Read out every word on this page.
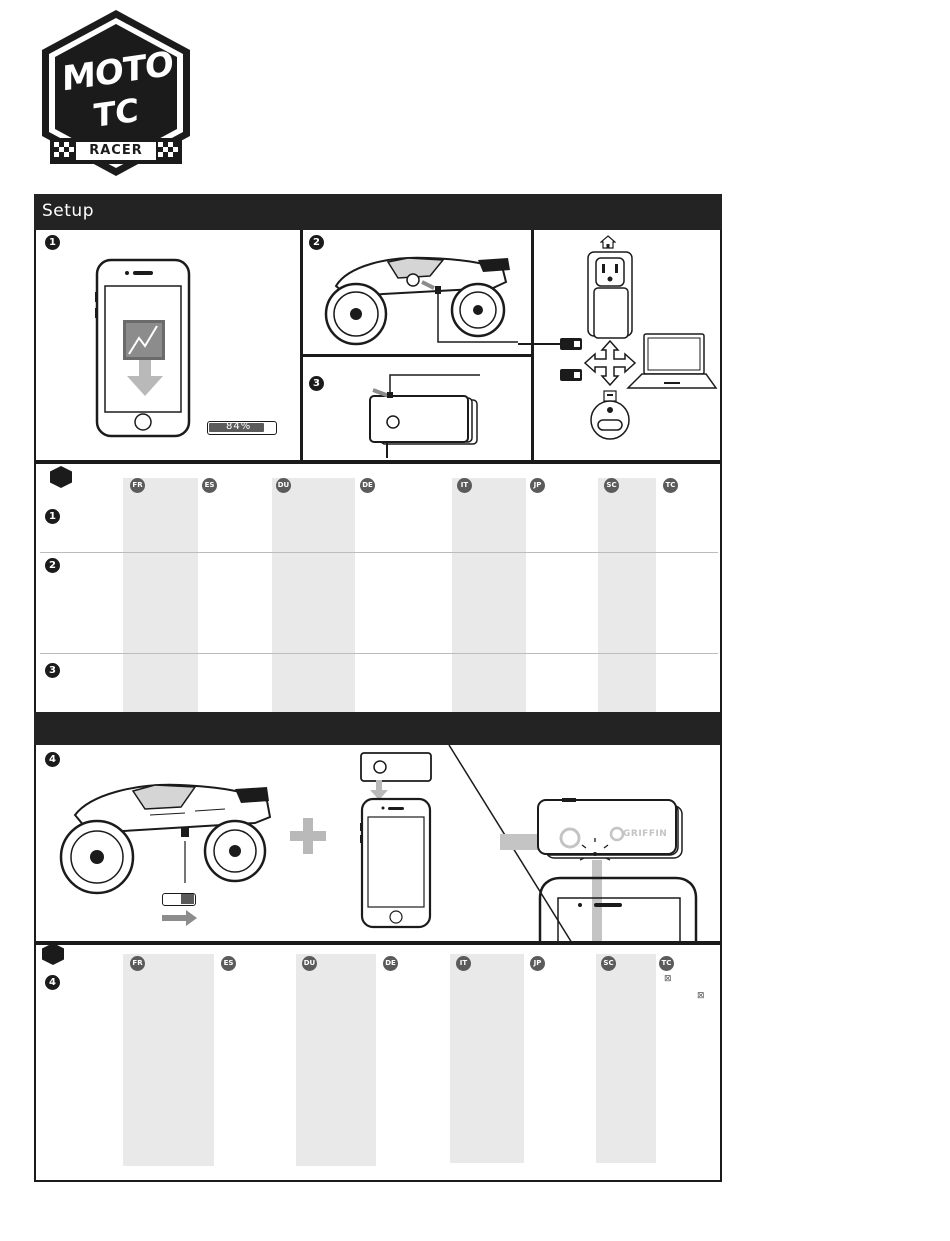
MOTO
TC
RACER
Setup
1	2
3
84%
FR	ES	DU	DE	IT	JP	SC	TC
1
2
3
4
GRIFFIN
FR	ES	DU	DE	IT	JP	SC	TC
4	⊠
⊠
